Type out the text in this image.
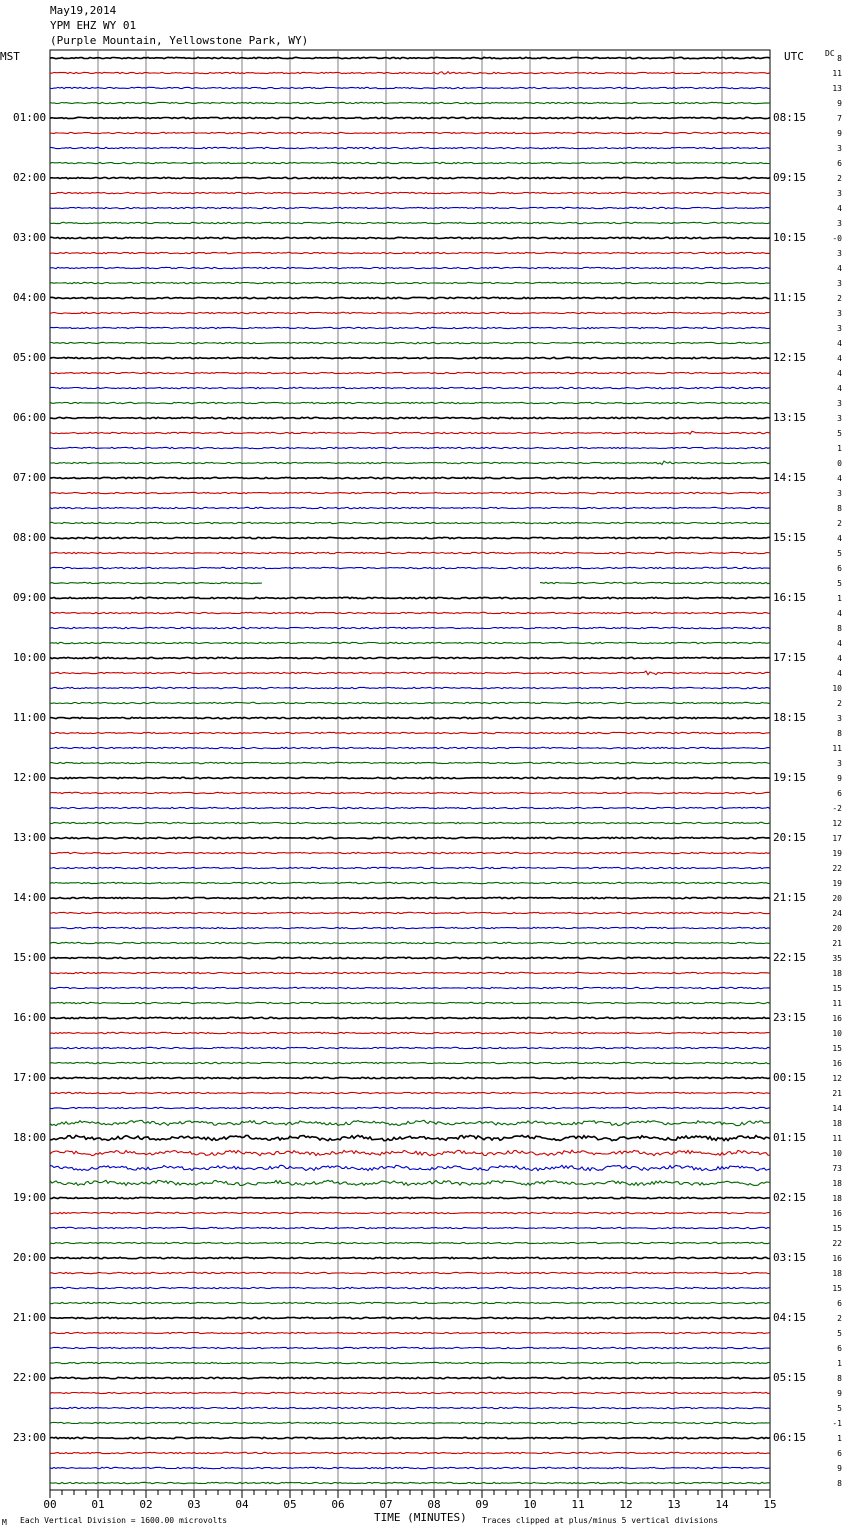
May19,2014
YPM EHZ WY 01
(Purple Mountain, Yellowstone Park, WY)
MST	UTC	DC
01:00	08:15
02:00	09:15
03:00	10:15
04:00	11:15
05:00	12:15
06:00	13:15
07:00	14:15
08:00	15:15
09:00	16:15
10:00	17:15
11:00	18:15
12:00	19:15
13:00	20:15
14:00	21:15
15:00	22:15
16:00	23:15
17:00	00:15
18:00	01:15
19:00	02:15
20:00	03:15
21:00	04:15
22:00	05:15
23:00	06:15
8
11
13
9
7
9
3
6
2
3
4
3
-0
3
4
3
2
3
3
4
4
4
4
3
3
5
1
0
4
3
8
2
4
5
6
5
1
4
8
4
4
4
10
2
3
8
11
3
9
6
-2
12
17
19
22
19
20
24
20
21
35
18
15
11
16
10
15
16
12
21
14
18
11
10
73
18
18
16
15
22
16
18
15
6
2
5
6
1
8
9
5
-1
1
6
9
8
00	01	02	03	04	05	06	07	08	09	10	11	12	13	14	15
TIME (MINUTES)
M Each Vertical Division = 1600.00 microvolts	Traces clipped at plus/minus 5 vertical divisions
